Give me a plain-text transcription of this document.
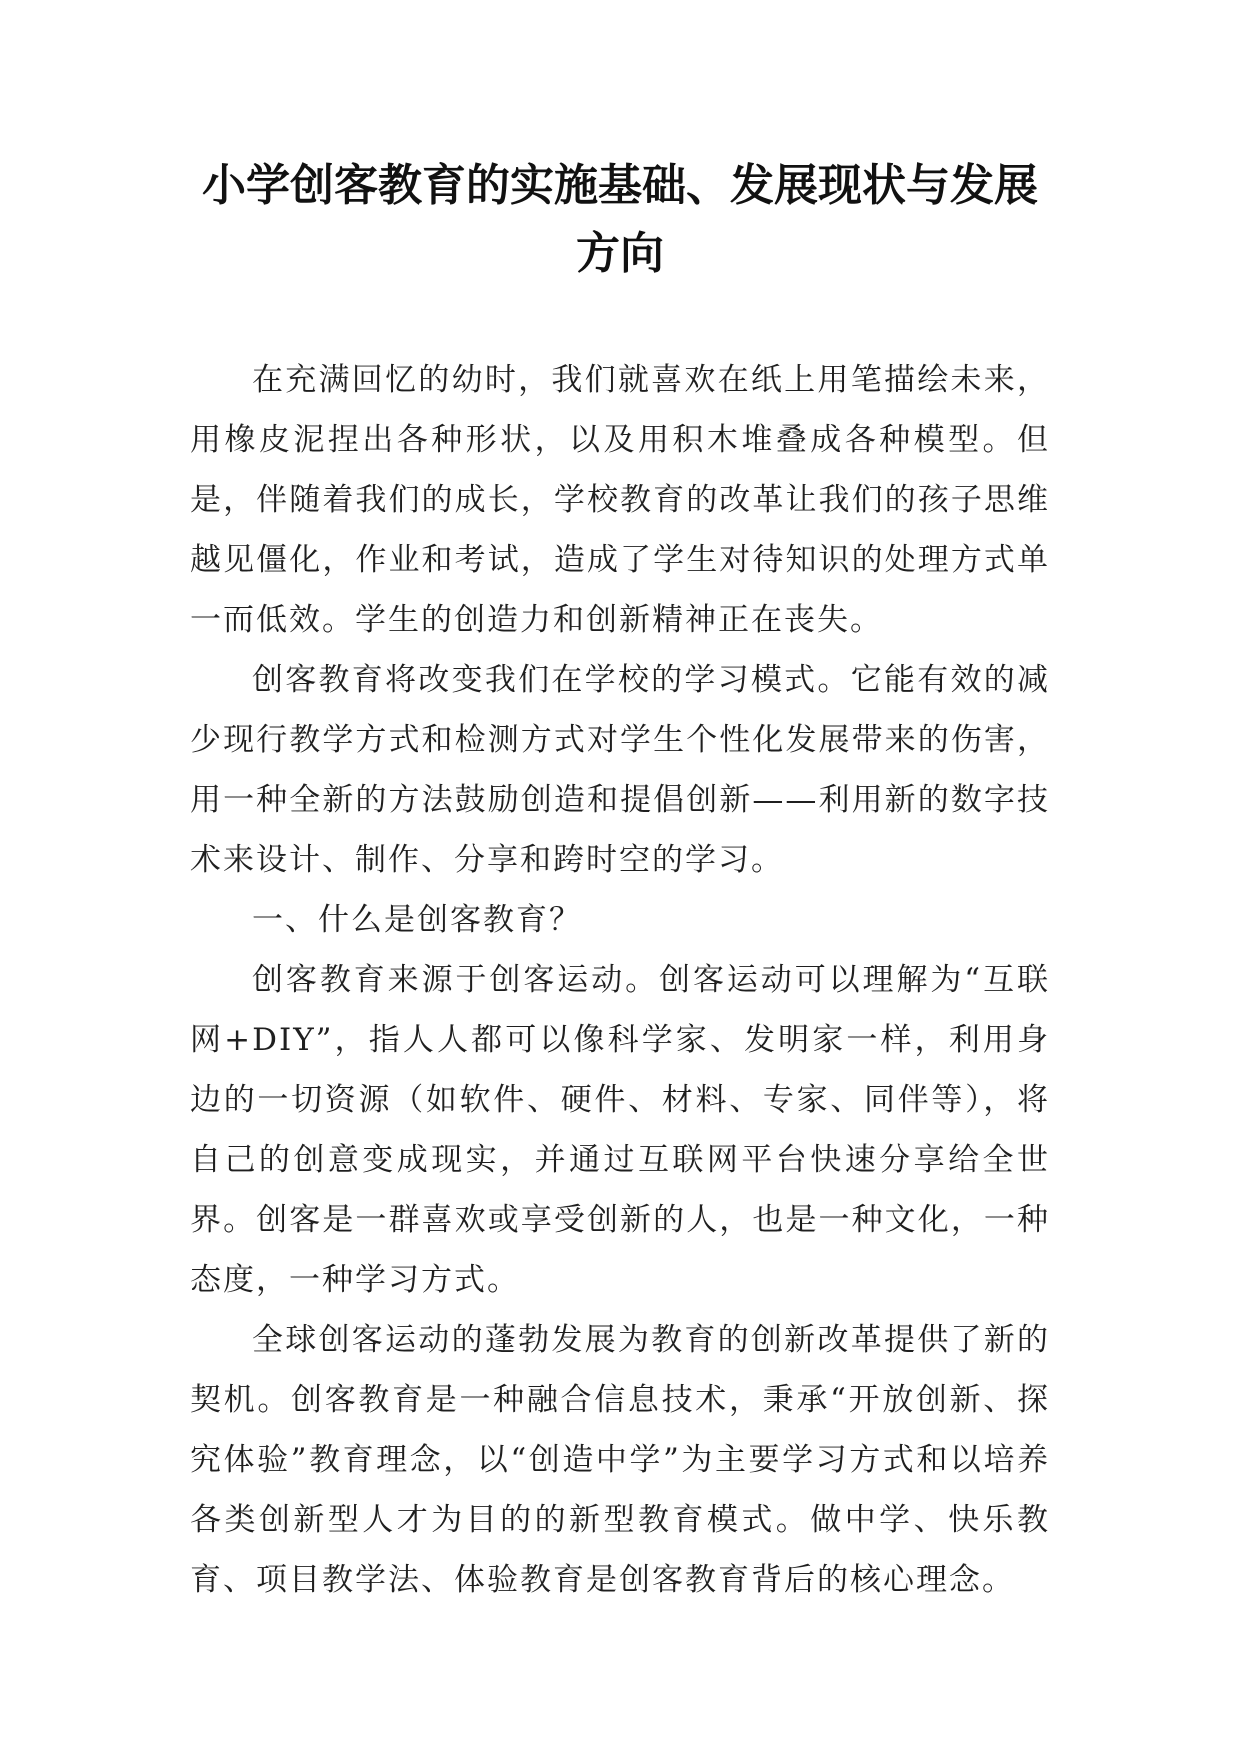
小学创客教育的实施基础、发展现状与发展
方向

在充满回忆的幼时，我们就喜欢在纸上用笔描绘未来，用橡皮泥捏出各种形状，以及用积木堆叠成各种模型。但是，伴随着我们的成长，学校教育的改革让我们的孩子思维越见僵化，作业和考试，造成了学生对待知识的处理方式单一而低效。学生的创造力和创新精神正在丧失。

创客教育将改变我们在学校的学习模式。它能有效的减少现行教学方式和检测方式对学生个性化发展带来的伤害，用一种全新的方法鼓励创造和提倡创新——利用新的数字技术来设计、制作、分享和跨时空的学习。

一、什么是创客教育？

创客教育来源于创客运动。创客运动可以理解为“互联网+DIY”，指人人都可以像科学家、发明家一样，利用身边的一切资源（如软件、硬件、材料、专家、同伴等），将自己的创意变成现实，并通过互联网平台快速分享给全世界。创客是一群喜欢或享受创新的人，也是一种文化，一种态度，一种学习方式。

全球创客运动的蓬勃发展为教育的创新改革提供了新的契机。创客教育是一种融合信息技术，秉承“开放创新、探究体验”教育理念，以“创造中学”为主要学习方式和以培养各类创新型人才为目的的新型教育模式。做中学、快乐教育、项目教学法、体验教育是创客教育背后的核心理念。
